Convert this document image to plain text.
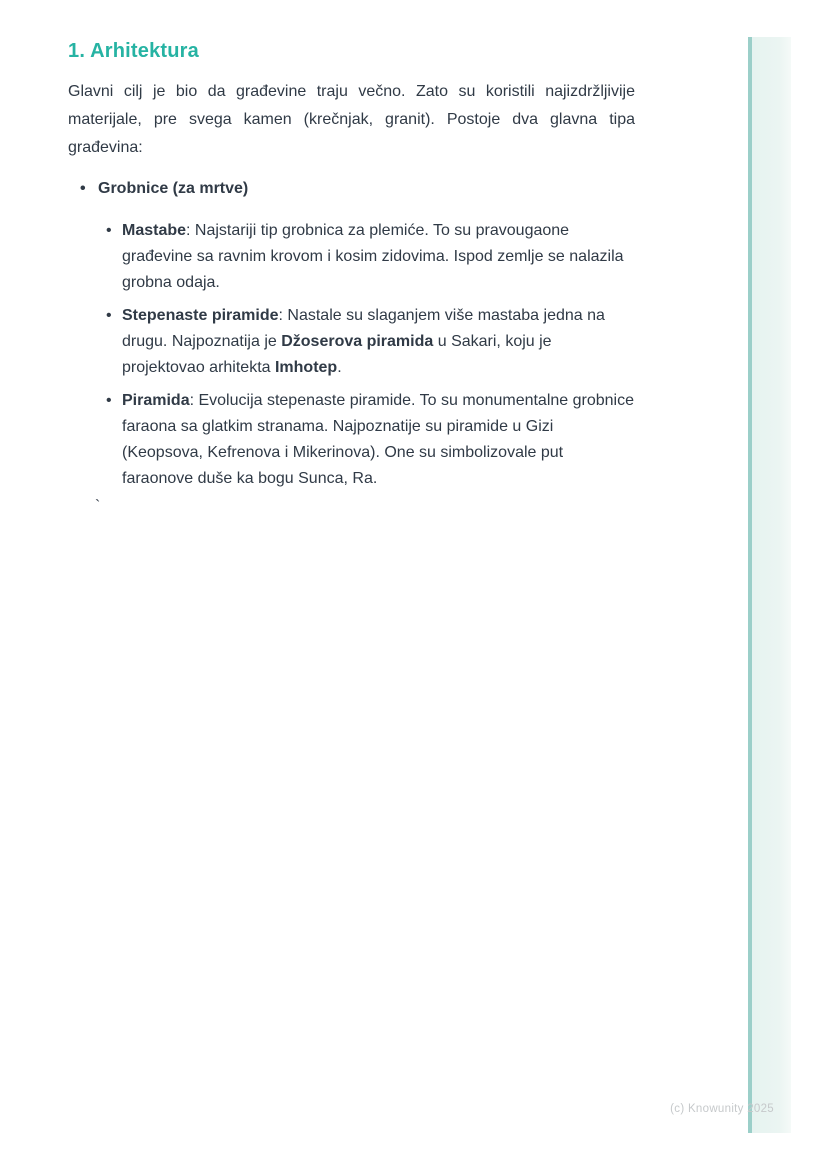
1. Arhitektura

Glavni cilj je bio da građevine traju večno. Zato su koristili najizdržljivije materijale, pre svega kamen (krečnjak, granit). Postoje dva glavna tipa građevina:

• Grobnice (za mrtve)
• Mastabe: Najstariji tip grobnica za plemiće. To su pravougaone građevine sa ravnim krovom i kosim zidovima. Ispod zemlje se nalazila grobna odaja.
• Stepenaste piramide: Nastale su slaganjem više mastaba jedna na drugu. Najpoznatija je Džoserova piramida u Sakari, koju je projektovao arhitekta Imhotep.
• Piramida: Evolucija stepenaste piramide. To su monumentalne grobnice faraona sa glatkim stranama. Najpoznatije su piramide u Gizi (Keopsova, Kefrenova i Mikerinova). One su simbolizovale put faraonove duše ka bogu Sunca, Ra.
`
(c) Knowunity 2025
